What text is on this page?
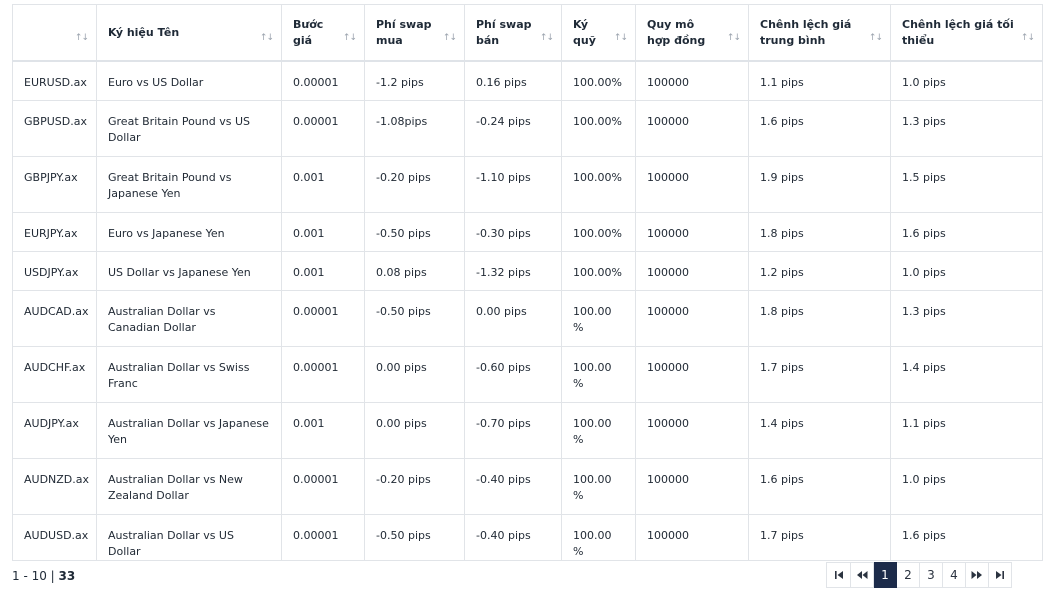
↑↓	Ký hiệu Tên ↑↓	Bước giá ↑↓	Phí swap mua ↑↓	Phí swap bán ↑↓	Ký quỹ ↑↓	Quy mô hợp đồng ↑↓	Chênh lệch giá trung bình ↑↓	Chênh lệch giá tối thiểu ↑↓

EURUSD.ax	Euro vs US Dollar	0.00001	-1.2 pips	0.16 pips	100.00%	100000	1.1 pips	1.0 pips
GBPUSD.ax	Great Britain Pound vs US Dollar	0.00001	-1.08pips	-0.24 pips	100.00%	100000	1.6 pips	1.3 pips
GBPJPY.ax	Great Britain Pound vs Japanese Yen	0.001	-0.20 pips	-1.10 pips	100.00%	100000	1.9 pips	1.5 pips
EURJPY.ax	Euro vs Japanese Yen	0.001	-0.50 pips	-0.30 pips	100.00%	100000	1.8 pips	1.6 pips
USDJPY.ax	US Dollar vs Japanese Yen	0.001	0.08 pips	-1.32 pips	100.00%	100000	1.2 pips	1.0 pips
AUDCAD.ax	Australian Dollar vs Canadian Dollar	0.00001	-0.50 pips	0.00 pips	100.00 %	100000	1.8 pips	1.3 pips
AUDCHF.ax	Australian Dollar vs Swiss Franc	0.00001	0.00 pips	-0.60 pips	100.00 %	100000	1.7 pips	1.4 pips
AUDJPY.ax	Australian Dollar vs Japanese Yen	0.001	0.00 pips	-0.70 pips	100.00 %	100000	1.4 pips	1.1 pips
AUDNZD.ax	Australian Dollar vs New Zealand Dollar	0.00001	-0.20 pips	-0.40 pips	100.00 %	100000	1.6 pips	1.0 pips
AUDUSD.ax	Australian Dollar vs US Dollar	0.00001	-0.50 pips	-0.40 pips	100.00 %	100000	1.7 pips	1.6 pips
1 - 10 | 33	1	2	3	4
